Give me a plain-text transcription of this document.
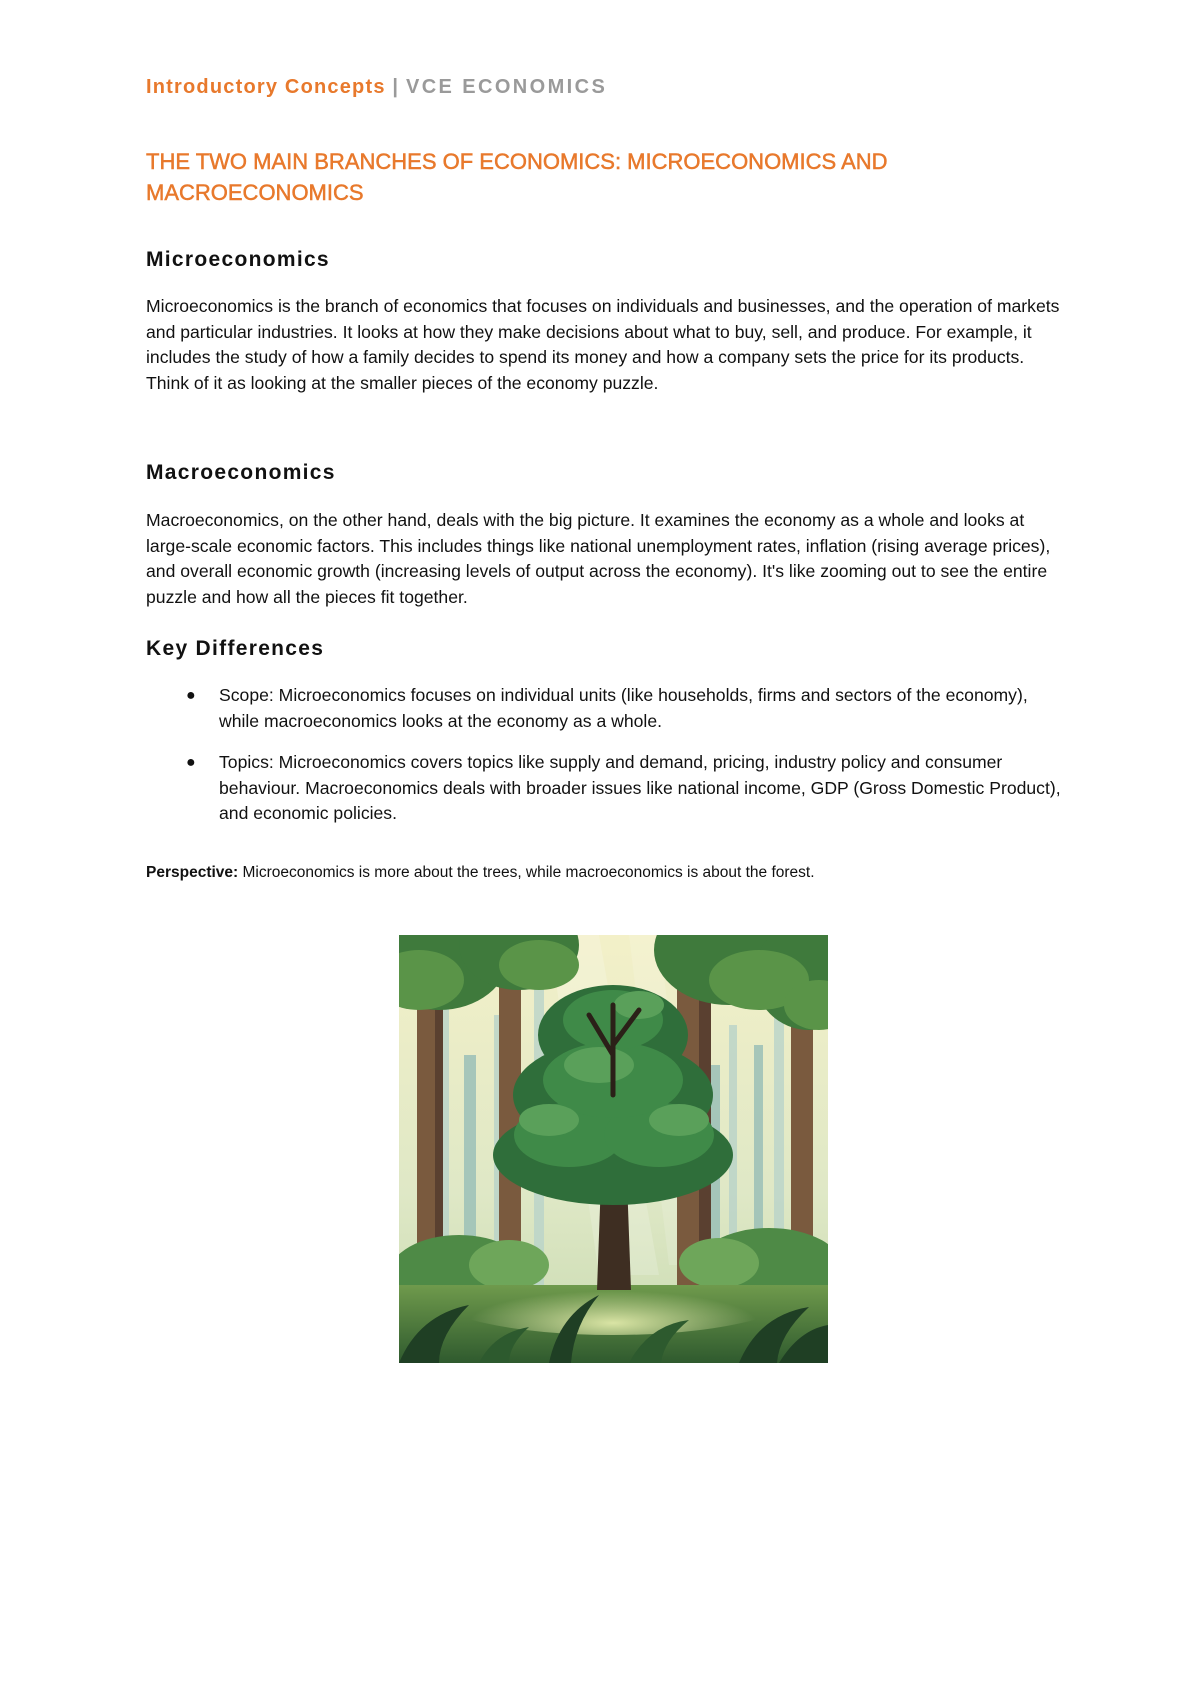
Introductory Concepts | VCE ECONOMICS
THE TWO MAIN BRANCHES OF ECONOMICS: MICROECONOMICS AND MACROECONOMICS
Microeconomics

Microeconomics is the branch of economics that focuses on individuals and businesses, and the operation of markets and particular industries. It looks at how they make decisions about what to buy, sell, and produce. For example, it includes the study of how a family decides to spend its money and how a company sets the price for its products. Think of it as looking at the smaller pieces of the economy puzzle.

Macroeconomics

Macroeconomics, on the other hand, deals with the big picture. It examines the economy as a whole and looks at large-scale economic factors. This includes things like national unemployment rates, inflation (rising average prices), and overall economic growth (increasing levels of output across the economy). It's like zooming out to see the entire puzzle and how all the pieces fit together.

Key Differences
● Scope: Microeconomics focuses on individual units (like households, firms and sectors of the economy), while macroeconomics looks at the economy as a whole.
● Topics: Microeconomics covers topics like supply and demand, pricing, industry policy and consumer behaviour. Macroeconomics deals with broader issues like national income, GDP (Gross Domestic Product), and economic policies.

Perspective: Microeconomics is more about the trees, while macroeconomics is about the forest.
